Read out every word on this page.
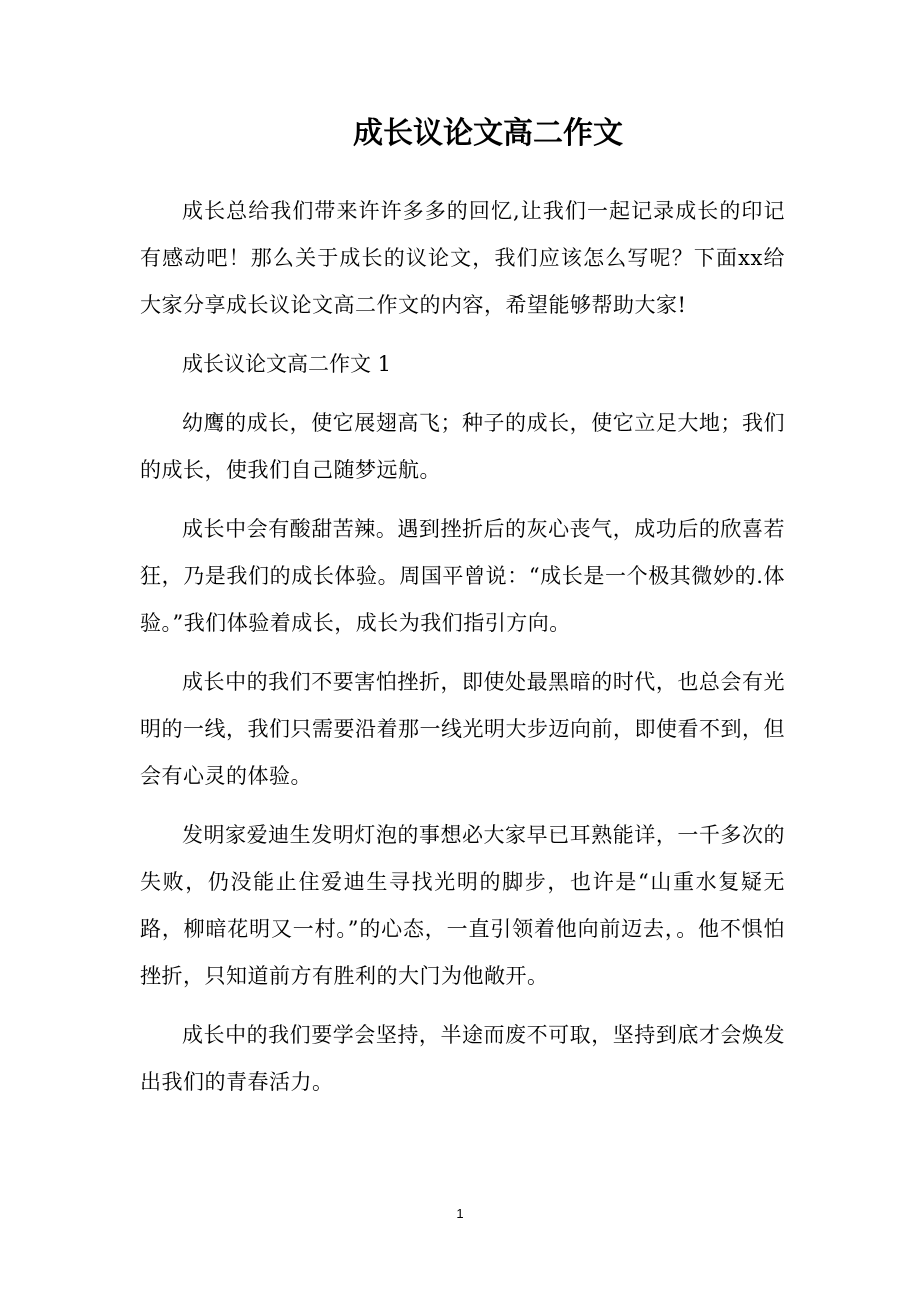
成长议论文高二作文

成长总给我们带来许许多多的回忆,让我们一起记录成长的印记有感动吧！那么关于成长的议论文，我们应该怎么写呢？下面xx给大家分享成长议论文高二作文的内容，希望能够帮助大家!

成长议论文高二作文 1

幼鹰的成长，使它展翅高飞；种子的成长，使它立足大地；我们的成长，使我们自己随梦远航。

成长中会有酸甜苦辣。遇到挫折后的灰心丧气，成功后的欣喜若狂，乃是我们的成长体验。周国平曾说：“成长是一个极其微妙的.体验。”我们体验着成长，成长为我们指引方向。

成长中的我们不要害怕挫折，即使处最黑暗的时代，也总会有光明的一线，我们只需要沿着那一线光明大步迈向前，即使看不到，但会有心灵的体验。

发明家爱迪生发明灯泡的事想必大家早已耳熟能详，一千多次的失败，仍没能止住爱迪生寻找光明的脚步，也许是“山重水复疑无路，柳暗花明又一村。”的心态，一直引领着他向前迈去，。他不惧怕挫折，只知道前方有胜利的大门为他敞开。

成长中的我们要学会坚持，半途而废不可取，坚持到底才会焕发出我们的青春活力。

1
